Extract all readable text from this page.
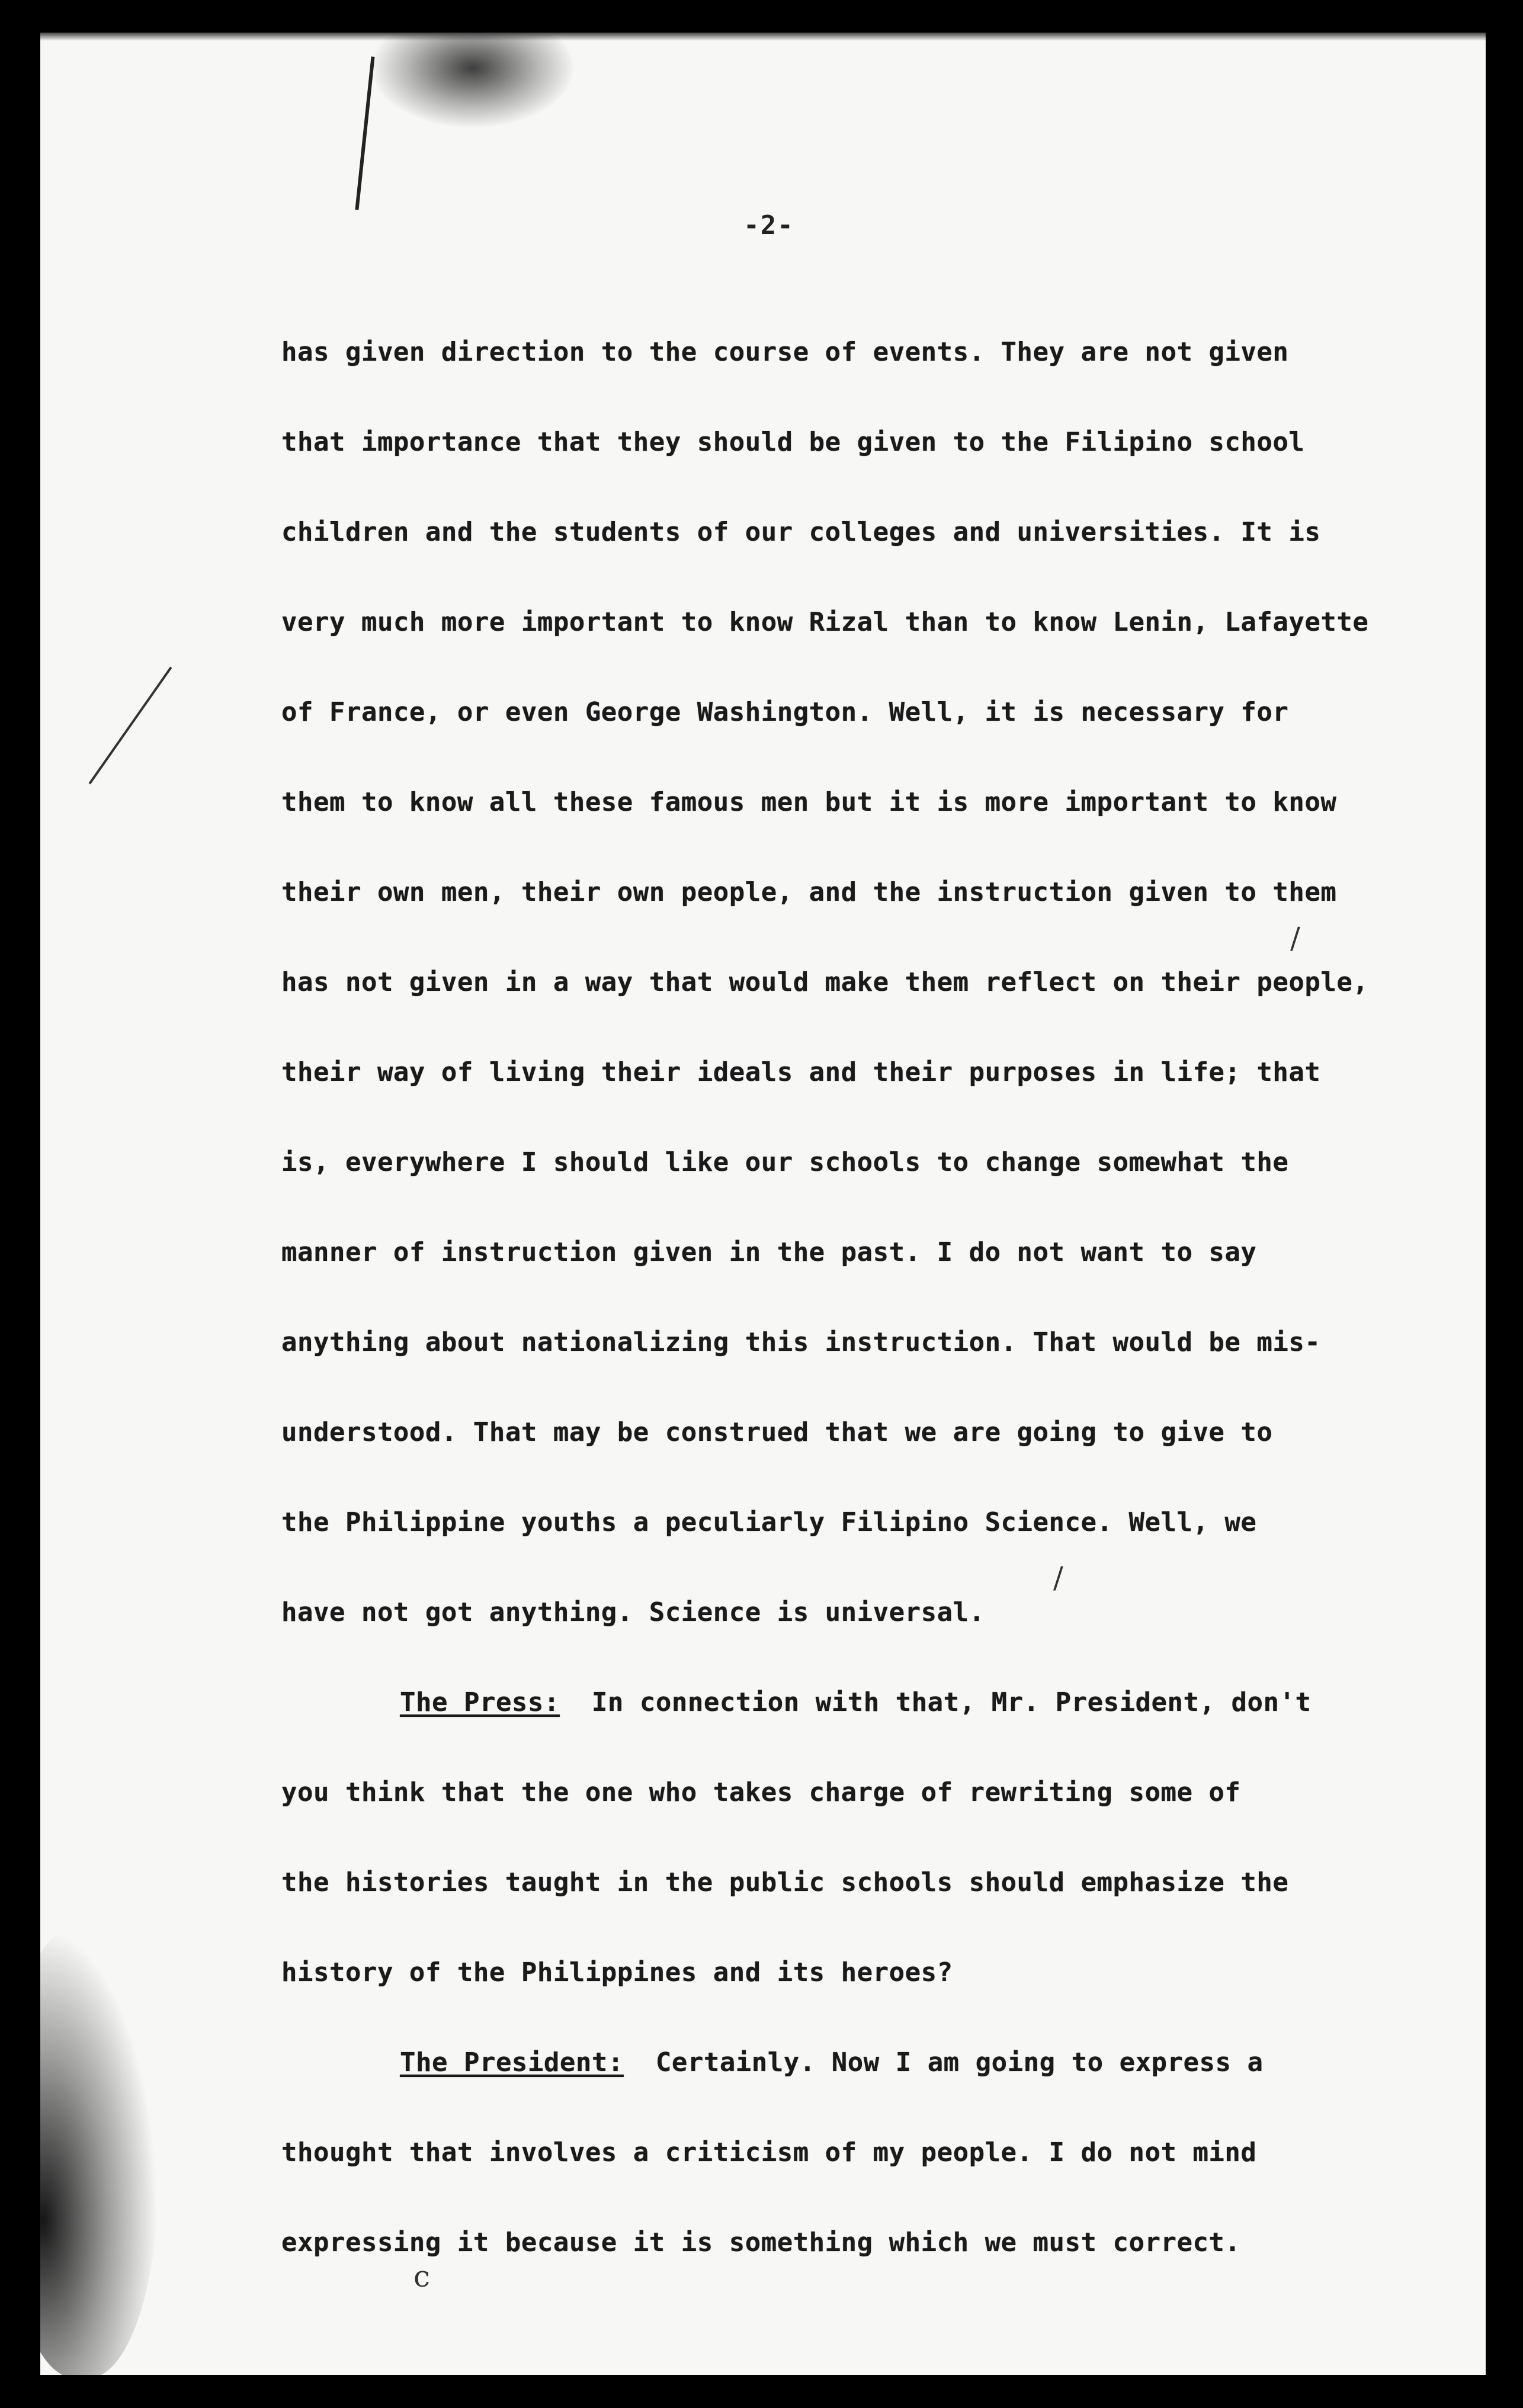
/
/
c
-2-
has given direction to the course of events. They are not given
that importance that they should be given to the Filipino school
children and the students of our colleges and universities. It is
very much more important to know Rizal than to know Lenin, Lafayette
of France, or even George Washington. Well, it is necessary for
them to know all these famous men but it is more important to know
their own men, their own people, and the instruction given to them
has not given in a way that would make them reflect on their people,
their way of living their ideals and their purposes in life; that
is, everywhere I should like our schools to change somewhat the
manner of instruction given in the past. I do not want to say
anything about nationalizing this instruction. That would be mis-
understood. That may be construed that we are going to give to
the Philippine youths a peculiarly Filipino Science. Well, we
have not got anything. Science is universal.
The Press: In connection with that, Mr. President, don't
you think that the one who takes charge of rewriting some of
the histories taught in the public schools should emphasize the
history of the Philippines and its heroes?
The President: Certainly. Now I am going to express a
thought that involves a criticism of my people. I do not mind
expressing it because it is something which we must correct.
